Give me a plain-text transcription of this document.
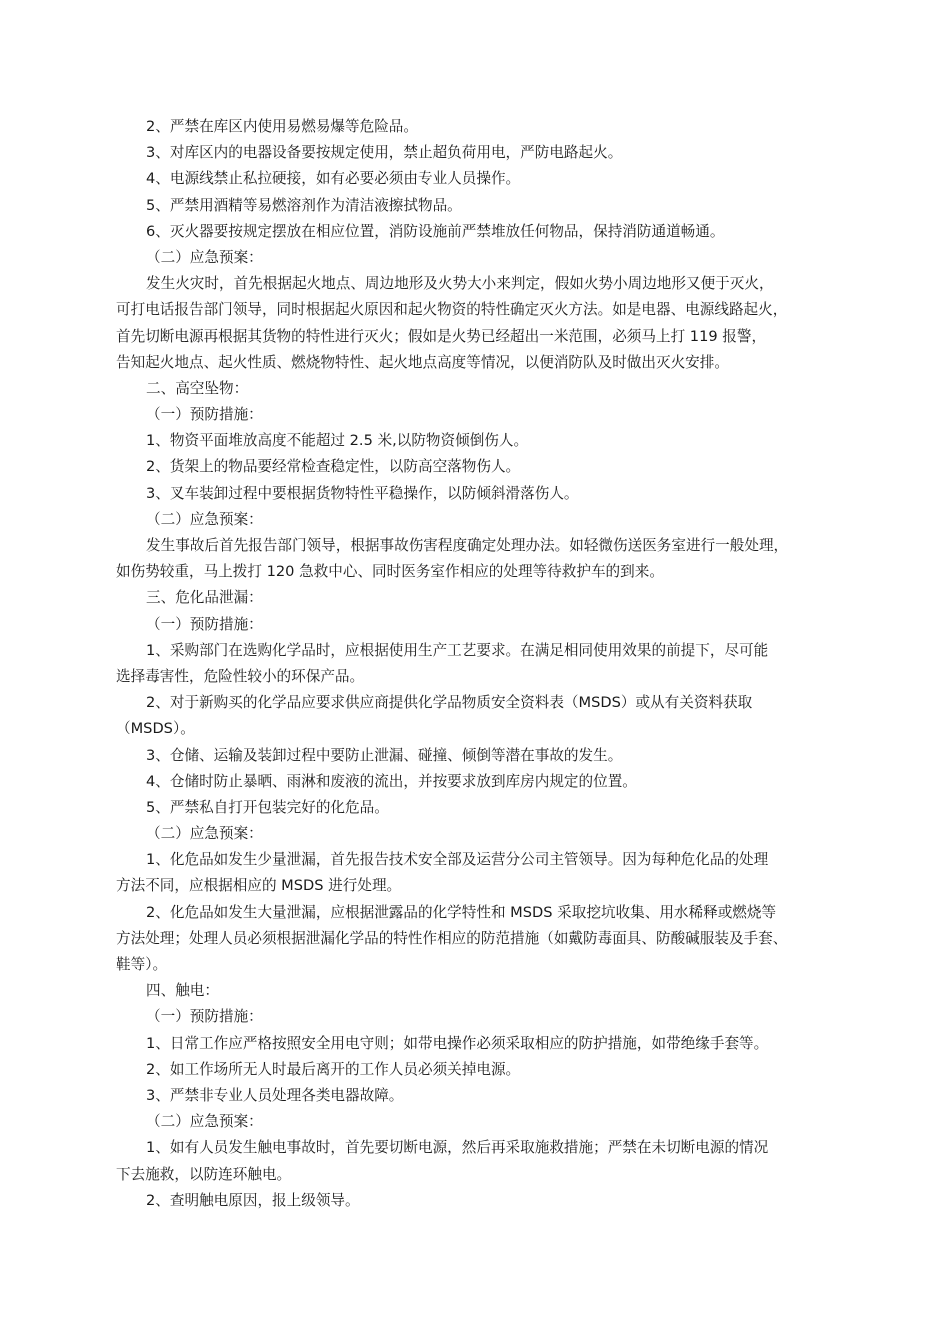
2、严禁在库区内使用易燃易爆等危险品。
3、对库区内的电器设备要按规定使用，禁止超负荷用电，严防电路起火。
4、电源线禁止私拉硬接，如有必要必须由专业人员操作。
5、严禁用酒精等易燃溶剂作为清洁液擦拭物品。
6、灭火器要按规定摆放在相应位置，消防设施前严禁堆放任何物品，保持消防通道畅通。
（二）应急预案：
发生火灾时，首先根据起火地点、周边地形及火势大小来判定，假如火势小周边地形又便于灭火，
可打电话报告部门领导，同时根据起火原因和起火物资的特性确定灭火方法。如是电器、电源线路起火，
首先切断电源再根据其货物的特性进行灭火；假如是火势已经超出一米范围，必须马上打 119 报警，
告知起火地点、起火性质、燃烧物特性、起火地点高度等情况，以便消防队及时做出灭火安排。
二、高空坠物：
（一）预防措施：
1、物资平面堆放高度不能超过 2.5 米,以防物资倾倒伤人。
2、货架上的物品要经常检查稳定性，以防高空落物伤人。
3、叉车装卸过程中要根据货物特性平稳操作，以防倾斜滑落伤人。
（二）应急预案：
发生事故后首先报告部门领导，根据事故伤害程度确定处理办法。如轻微伤送医务室进行一般处理，
如伤势较重，马上拨打 120 急救中心、同时医务室作相应的处理等待救护车的到来。
三、危化品泄漏：
（一）预防措施：
1、采购部门在选购化学品时，应根据使用生产工艺要求。在满足相同使用效果的前提下，尽可能
选择毒害性，危险性较小的环保产品。
2、对于新购买的化学品应要求供应商提供化学品物质安全资料表（MSDS）或从有关资料获取
（MSDS）。
3、仓储、运输及装卸过程中要防止泄漏、碰撞、倾倒等潜在事故的发生。
4、仓储时防止暴晒、雨淋和废液的流出，并按要求放到库房内规定的位置。
5、严禁私自打开包装完好的化危品。
（二）应急预案：
1、化危品如发生少量泄漏，首先报告技术安全部及运营分公司主管领导。因为每种危化品的处理
方法不同，应根据相应的 MSDS 进行处理。
2、化危品如发生大量泄漏，应根据泄露品的化学特性和 MSDS 采取挖坑收集、用水稀释或燃烧等
方法处理；处理人员必须根据泄漏化学品的特性作相应的防范措施（如戴防毒面具、防酸碱服装及手套、
鞋等）。
四、触电：
（一）预防措施：
1、日常工作应严格按照安全用电守则；如带电操作必须采取相应的防护措施，如带绝缘手套等。
2、如工作场所无人时最后离开的工作人员必须关掉电源。
3、严禁非专业人员处理各类电器故障。
（二）应急预案：
1、如有人员发生触电事故时，首先要切断电源，然后再采取施救措施；严禁在未切断电源的情况
下去施救，以防连环触电。
2、查明触电原因，报上级领导。
